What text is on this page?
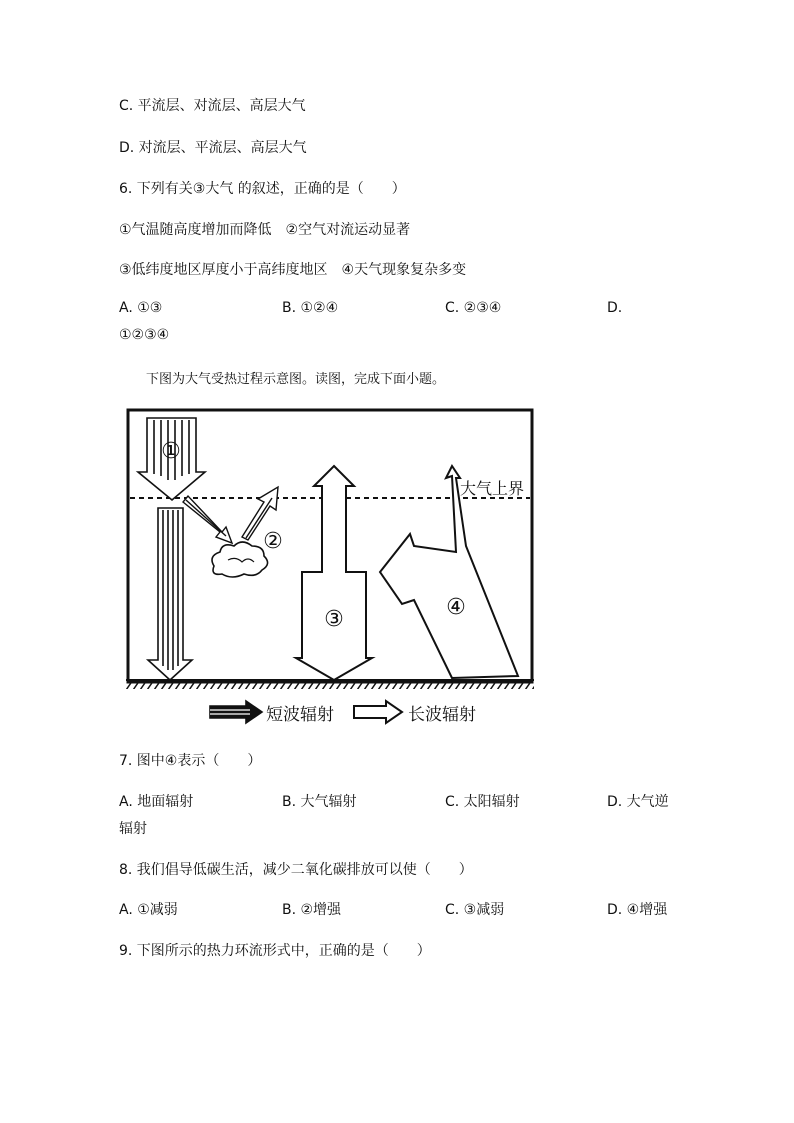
C. 平流层、对流层、高层大气
D. 对流层、平流层、高层大气
6. 下列有关③大气 的叙述，正确的是（　　）
①气温随高度增加而降低　②空气对流运动显著
③低纬度地区厚度小于高纬度地区　④天气现象复杂多变
A. ①③	B. ①②④	C. ②③④	D.
①②③④
下图为大气受热过程示意图。读图，完成下面小题。
①
②
③	④
大气上界
短波辐射	长波辐射
7. 图中④表示（　　）
A. 地面辐射	B. 大气辐射	C. 太阳辐射	D. 大气逆
辐射
8. 我们倡导低碳生活，减少二氧化碳排放可以使（　　）
A. ①减弱	B. ②增强	C. ③减弱	D. ④增强
9. 下图所示的热力环流形式中，正确的是（　　）
